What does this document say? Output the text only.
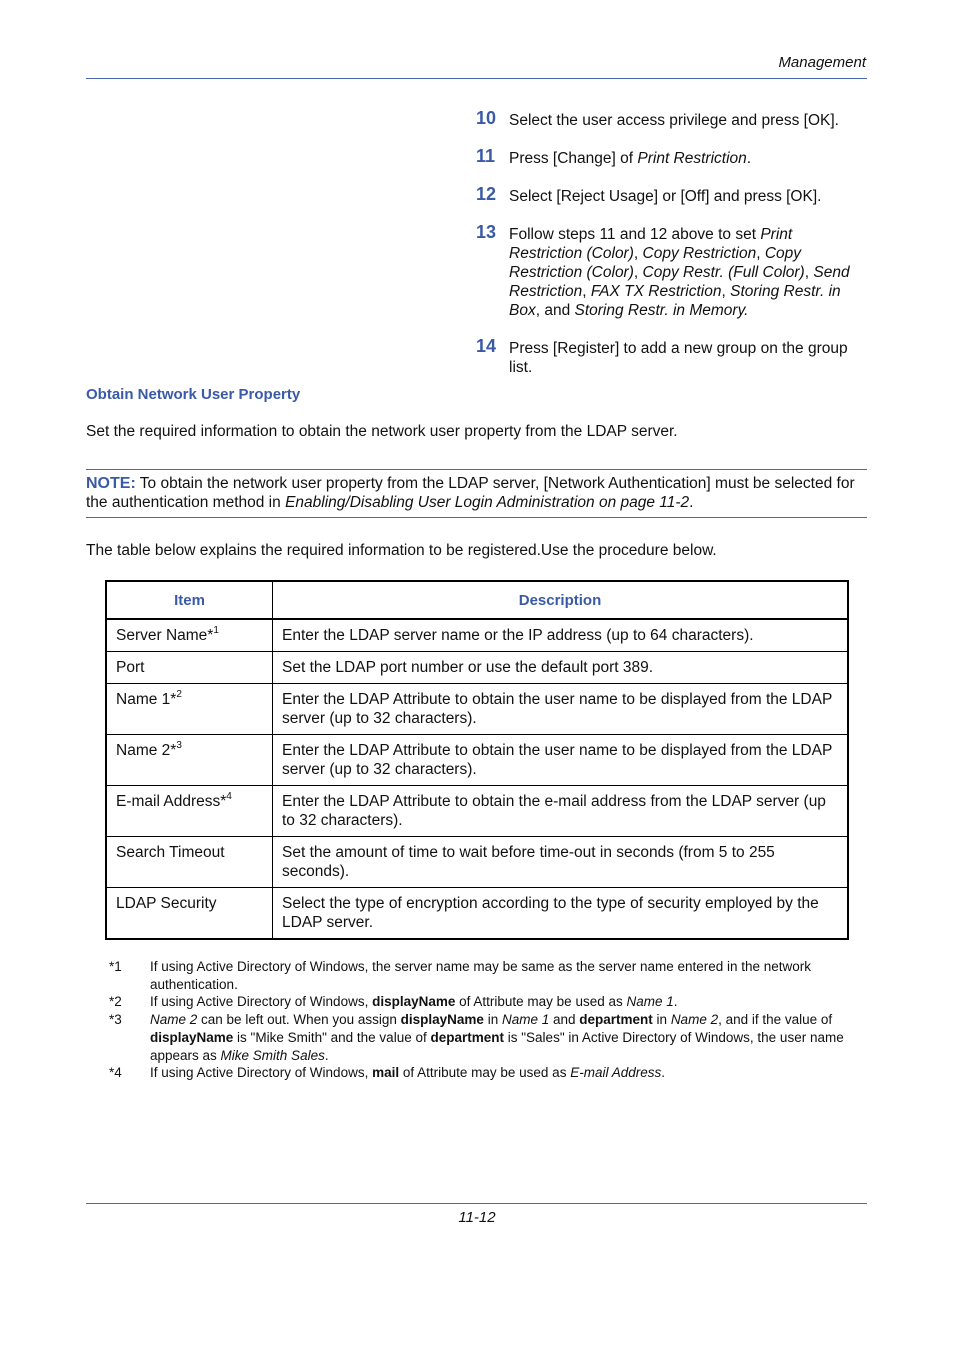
Management
10 Select the user access privilege and press [OK].
11 Press [Change] of Print Restriction.
12 Select [Reject Usage] or [Off] and press [OK].
13 Follow steps 11 and 12 above to set Print Restriction (Color), Copy Restriction, Copy Restriction (Color), Copy Restr. (Full Color), Send Restriction, FAX TX Restriction, Storing Restr. in Box, and Storing Restr. in Memory.
14 Press [Register] to add a new group on the group list.
Obtain Network User Property
Set the required information to obtain the network user property from the LDAP server.
NOTE: To obtain the network user property from the LDAP server, [Network Authentication] must be selected for the authentication method in Enabling/Disabling User Login Administration on page 11-2.
The table below explains the required information to be registered.Use the procedure below.
Item	Description
Server Name*$^1$	Enter the LDAP server name or the IP address (up to 64 characters).
Port	Set the LDAP port number or use the default port 389.
Name 1*$^2$	Enter the LDAP Attribute to obtain the user name to be displayed from the LDAP server (up to 32 characters).
Name 2*$^3$	Enter the LDAP Attribute to obtain the user name to be displayed from the LDAP server (up to 32 characters).
E-mail Address*$^4$	Enter the LDAP Attribute to obtain the e-mail address from the LDAP server (up to 32 characters).
Search Timeout	Set the amount of time to wait before time-out in seconds (from 5 to 255 seconds).
LDAP Security	Select the type of encryption according to the type of security employed by the LDAP server.
*1	If using Active Directory of Windows, the server name may be same as the server name entered in the network authentication.
*2	If using Active Directory of Windows, displayName of Attribute may be used as Name 1.
*3	Name 2 can be left out. When you assign displayName in Name 1 and department in Name 2, and if the value of displayName is "Mike Smith" and the value of department is "Sales" in Active Directory of Windows, the user name appears as Mike Smith Sales.
*4	If using Active Directory of Windows, mail of Attribute may be used as E-mail Address.
11-12
